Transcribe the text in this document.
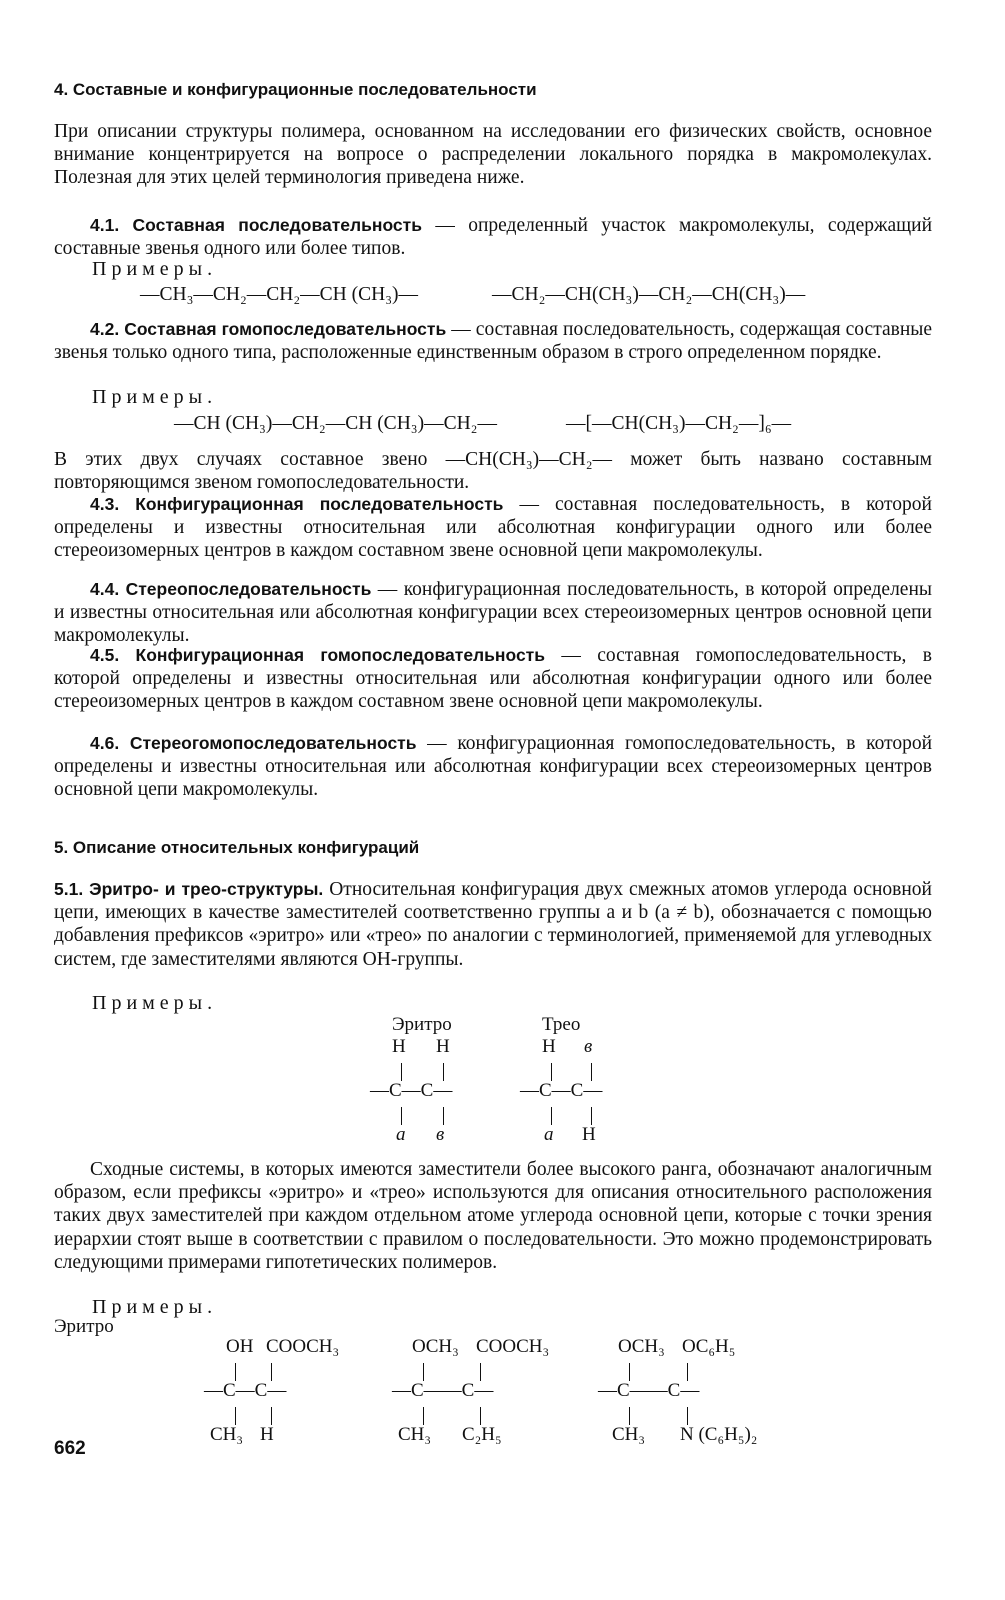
4. Составные и конфигурационные последовательности

При описании структуры полимера, основанном на исследовании его физических свойств, основное внимание концентрируется на вопросе о распределении локального порядка в макромолекулах. Полезная для этих целей терминология приведена ниже.

4.1. Составная последовательность — определенный участок макромолекулы, содержащий составные звенья одного или более типов.

Примеры.
—CH₃—CH₂—CH₂—CH (CH₃)—	—CH₂—CH(CH₃)—CH₂—CH(CH₃)—

4.2. Составная гомопоследовательность — составная последовательность, содержащая составные звенья только одного типа, расположенные единственным образом в строго определенном порядке.

Примеры.
—CH (CH₃)—CH₂—CH (CH₃)—CH₂—	—[—CH(CH₃)—CH₂—]₆—

В этих двух случаях составное звено —CH(CH₃)—CH₂— может быть названо составным повторяющимся звеном гомопоследовательности.

4.3. Конфигурационная последовательность — составная последовательность, в которой определены и известны относительная или абсолютная конфигурации одного или более стереоизомерных центров в каждом составном звене основной цепи макромолекулы.

4.4. Стереопоследовательность — конфигурационная последовательность, в которой определены и известны относительная или абсолютная конфигурации всех стереоизомерных центров основной цепи макромолекулы.

4.5. Конфигурационная гомопоследовательность — составная гомопоследовательность, в которой определены и известны относительная или абсолютная конфигурации одного или более стереоизомерных центров в каждом составном звене основной цепи макромолекулы.

4.6. Стереогомопоследовательность — конфигурационная гомопоследовательность, в которой определены и известны относительная или абсолютная конфигурации всех стереоизомерных центров основной цепи макромолекулы.

5. Описание относительных конфигураций

5.1. Эритро- и трео-структуры. Относительная конфигурация двух смежных атомов углерода основной цепи, имеющих в качестве заместителей соответственно группы a и b (a ≠ b), обозначается с помощью добавления префиксов «эритро» или «трео» по аналогии с терминологией, применяемой для углеводных систем, где заместителями являются OH-группы.

Примеры.
Эритро
H H
—C—C—
a в
Трео
H в
—C—C—
a H

Сходные системы, в которых имеются заместители более высокого ранга, обозначают аналогичным образом, если префиксы «эритро» и «трео» используются для описания относительного расположения таких двух заместителей при каждом отдельном атоме углерода основной цепи, которые с точки зрения иерархии стоят выше в соответствии с правилом о последовательности. Это можно продемонстрировать следующими примерами гипотетических полимеров.

Примеры.
Эритро
OH COOCH₃
—C—C—
CH₃ H
OCH₃ COOCH₃
—C——C—
CH₃ C₂H₅
OCH₃ OC₆H₅
—C——C—
CH₃ N (C₆H₅)₂
662
